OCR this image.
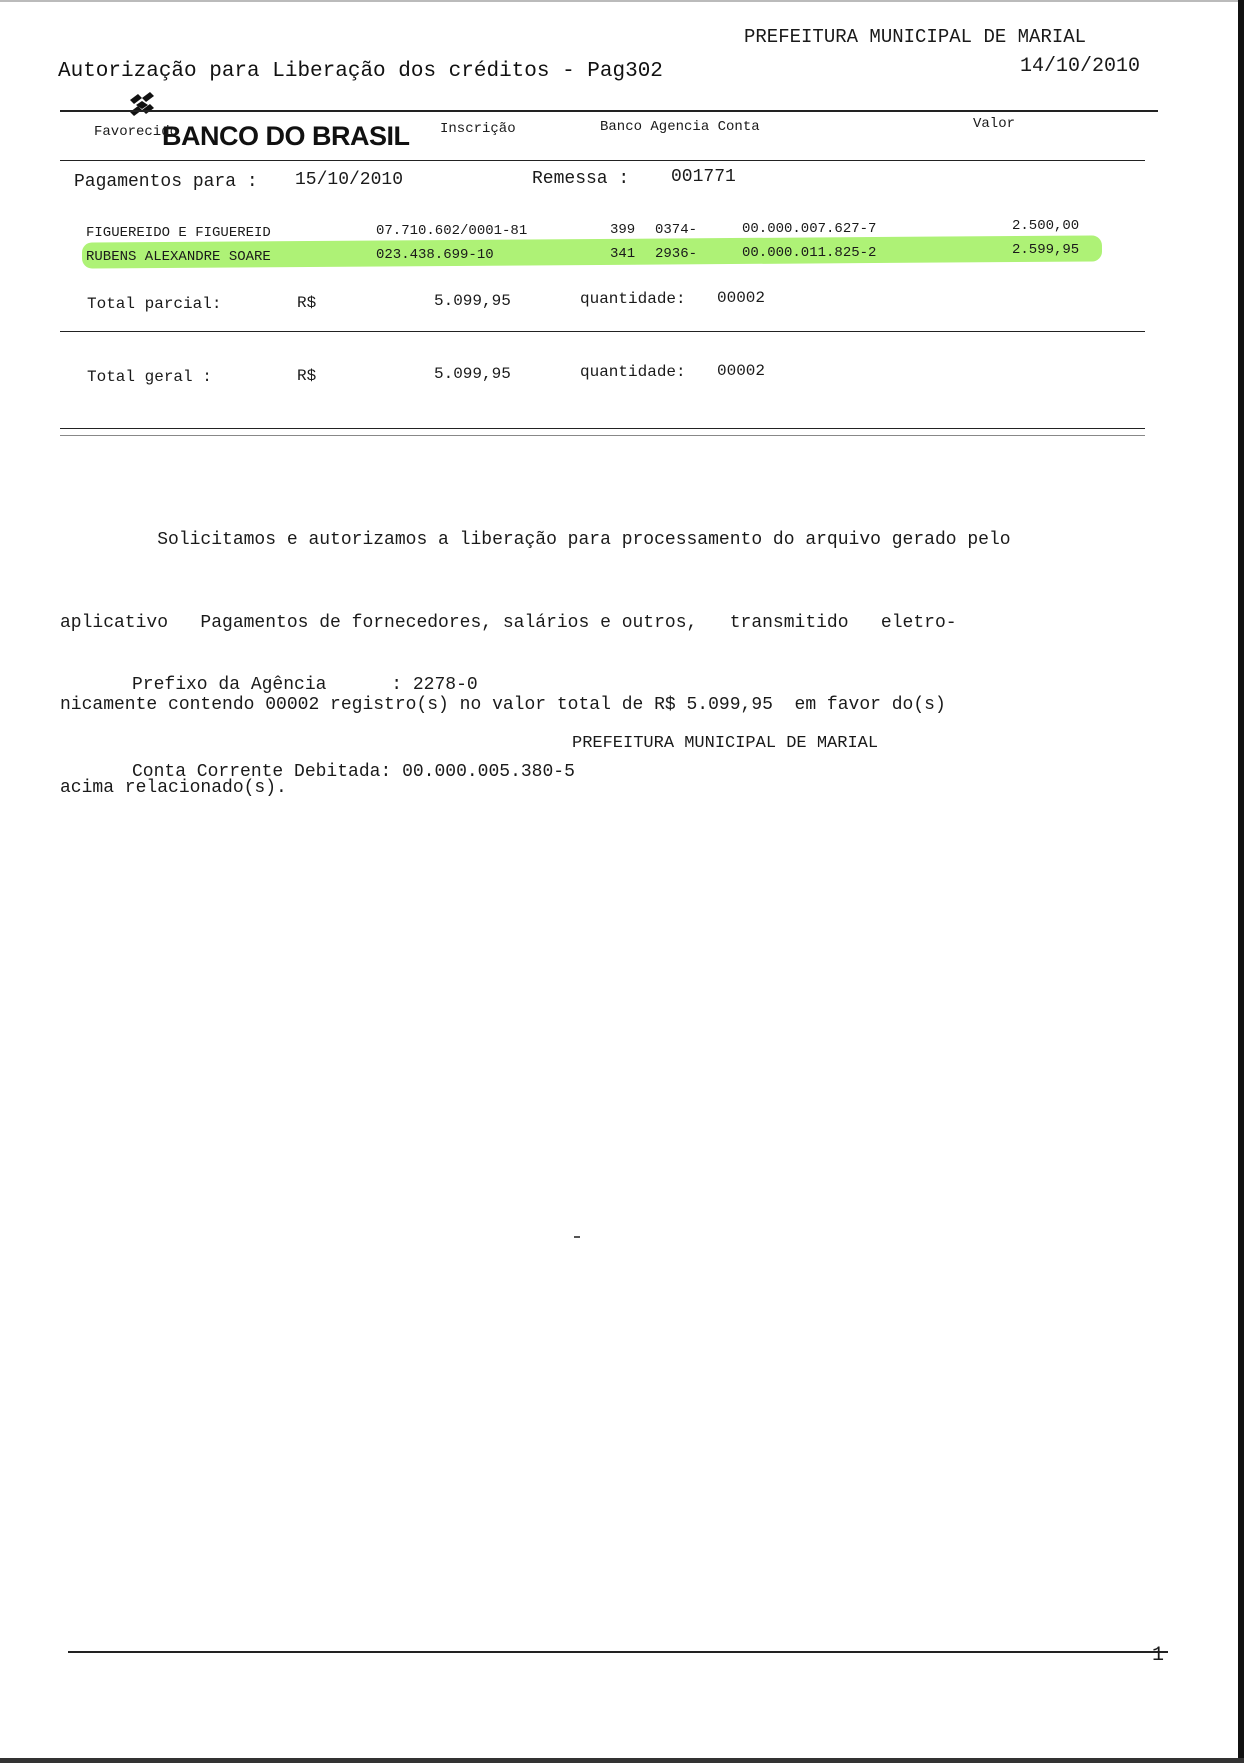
BANCO DO BRASIL

Autorização para Liberação dos créditos - Pag302
PREFEITURA MUNICIPAL DE MARIAL
14/10/2010
Favorecido	Inscrição	Banco Agencia Conta	Valor
Pagamentos para : 15/10/2010	Remessa : 001771
FIGUEREIDO E FIGUEREID	07.710.602/0001-81	399 0374-	00.000.007.627-7	2.500,00
RUBENS ALEXANDRE SOARE	023.438.699-10	341 2936-	00.000.011.825-2	2.599,95
Total parcial:	R$	5.099,95	quantidade: 00002
Total geral :	R$	5.099,95	quantidade: 00002

Solicitamos e autorizamos a liberação para processamento do arquivo gerado pelo

aplicativo   Pagamentos de fornecedores, salários e outros,   transmitido   eletro-

nicamente contendo 00002 registro(s) no valor total de R$ 5.099,95  em favor do(s)

acima relacionado(s).

Prefixo da Agência      : 2278-0

Conta Corrente Debitada: 00.000.005.380-5

PREFEITURA MUNICIPAL DE MARIAL
1
